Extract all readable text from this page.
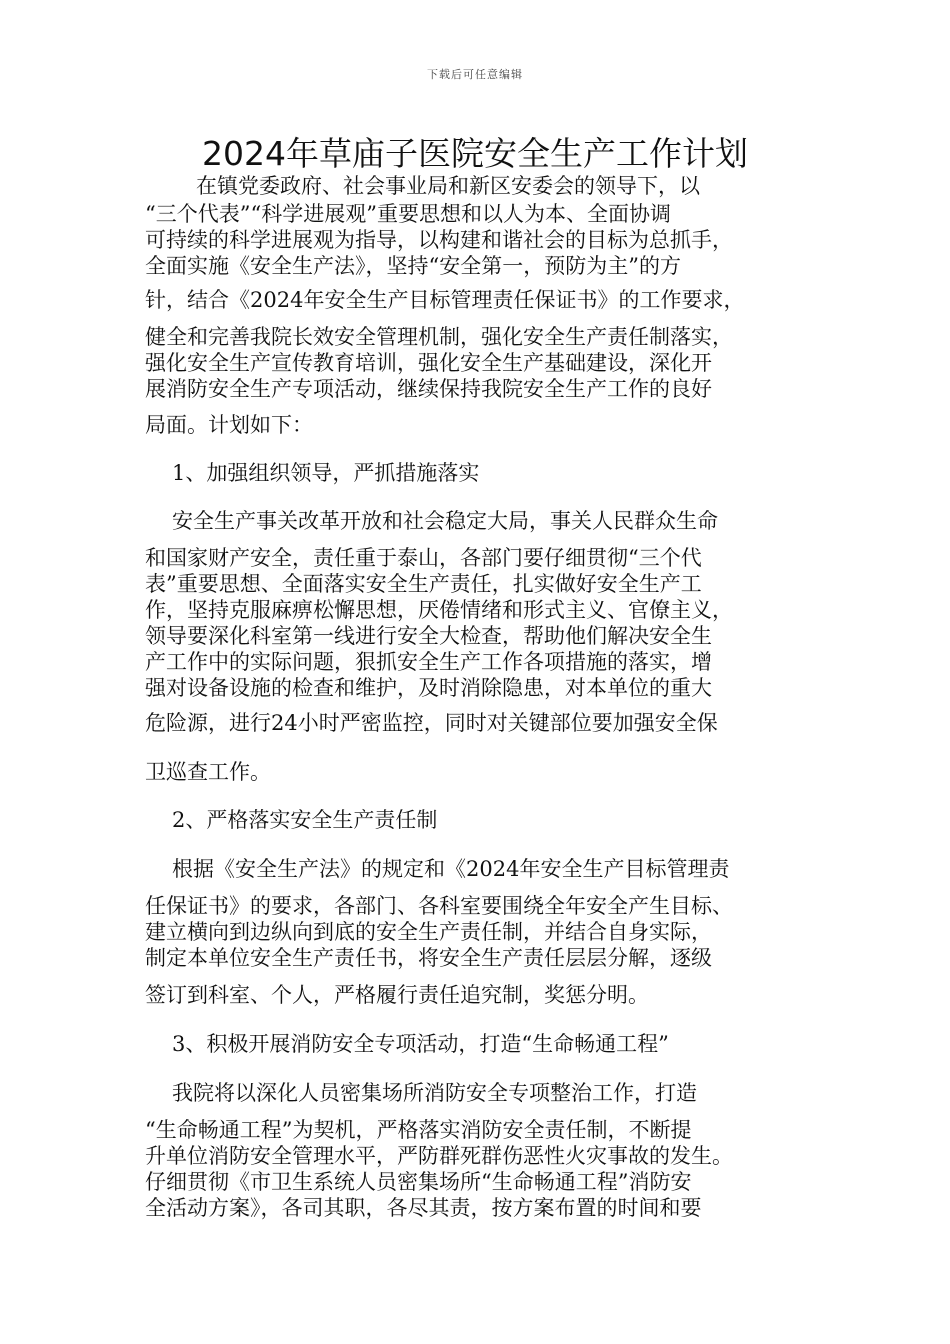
下载后可任意编辑
2024年草庙子医院安全生产工作计划
在镇党委政府、社会事业局和新区安委会的领导下，以
“三个代表”“科学进展观”重要思想和以人为本、全面协调
可持续的科学进展观为指导，以构建和谐社会的目标为总抓手，
全面实施《安全生产法》，坚持“安全第一，预防为主”的方
针，结合《2024年安全生产目标管理责任保证书》的工作要求，
健全和完善我院长效安全管理机制，强化安全生产责任制落实，
强化安全生产宣传教育培训，强化安全生产基础建设，深化开
展消防安全生产专项活动，继续保持我院安全生产工作的良好
局面。计划如下：
1、加强组织领导，严抓措施落实
安全生产事关改革开放和社会稳定大局，事关人民群众生命
和国家财产安全，责任重于泰山，各部门要仔细贯彻“三个代
表”重要思想、全面落实安全生产责任，扎实做好安全生产工
作，坚持克服麻痹松懈思想，厌倦情绪和形式主义、官僚主义，
领导要深化科室第一线进行安全大检查，帮助他们解决安全生
产工作中的实际问题，狠抓安全生产工作各项措施的落实，增
强对设备设施的检查和维护，及时消除隐患，对本单位的重大
危险源，进行24小时严密监控，同时对关键部位要加强安全保
卫巡查工作。
2、严格落实安全生产责任制
根据《安全生产法》的规定和《2024年安全生产目标管理责
任保证书》的要求，各部门、各科室要围绕全年安全产生目标、
建立横向到边纵向到底的安全生产责任制，并结合自身实际，
制定本单位安全生产责任书，将安全生产责任层层分解，逐级
签订到科室、个人，严格履行责任追究制，奖惩分明。
3、积极开展消防安全专项活动，打造“生命畅通工程”
我院将以深化人员密集场所消防安全专项整治工作，打造
“生命畅通工程”为契机，严格落实消防安全责任制，不断提
升单位消防安全管理水平，严防群死群伤恶性火灾事故的发生。
仔细贯彻《市卫生系统人员密集场所“生命畅通工程”消防安
全活动方案》，各司其职，各尽其责，按方案布置的时间和要
